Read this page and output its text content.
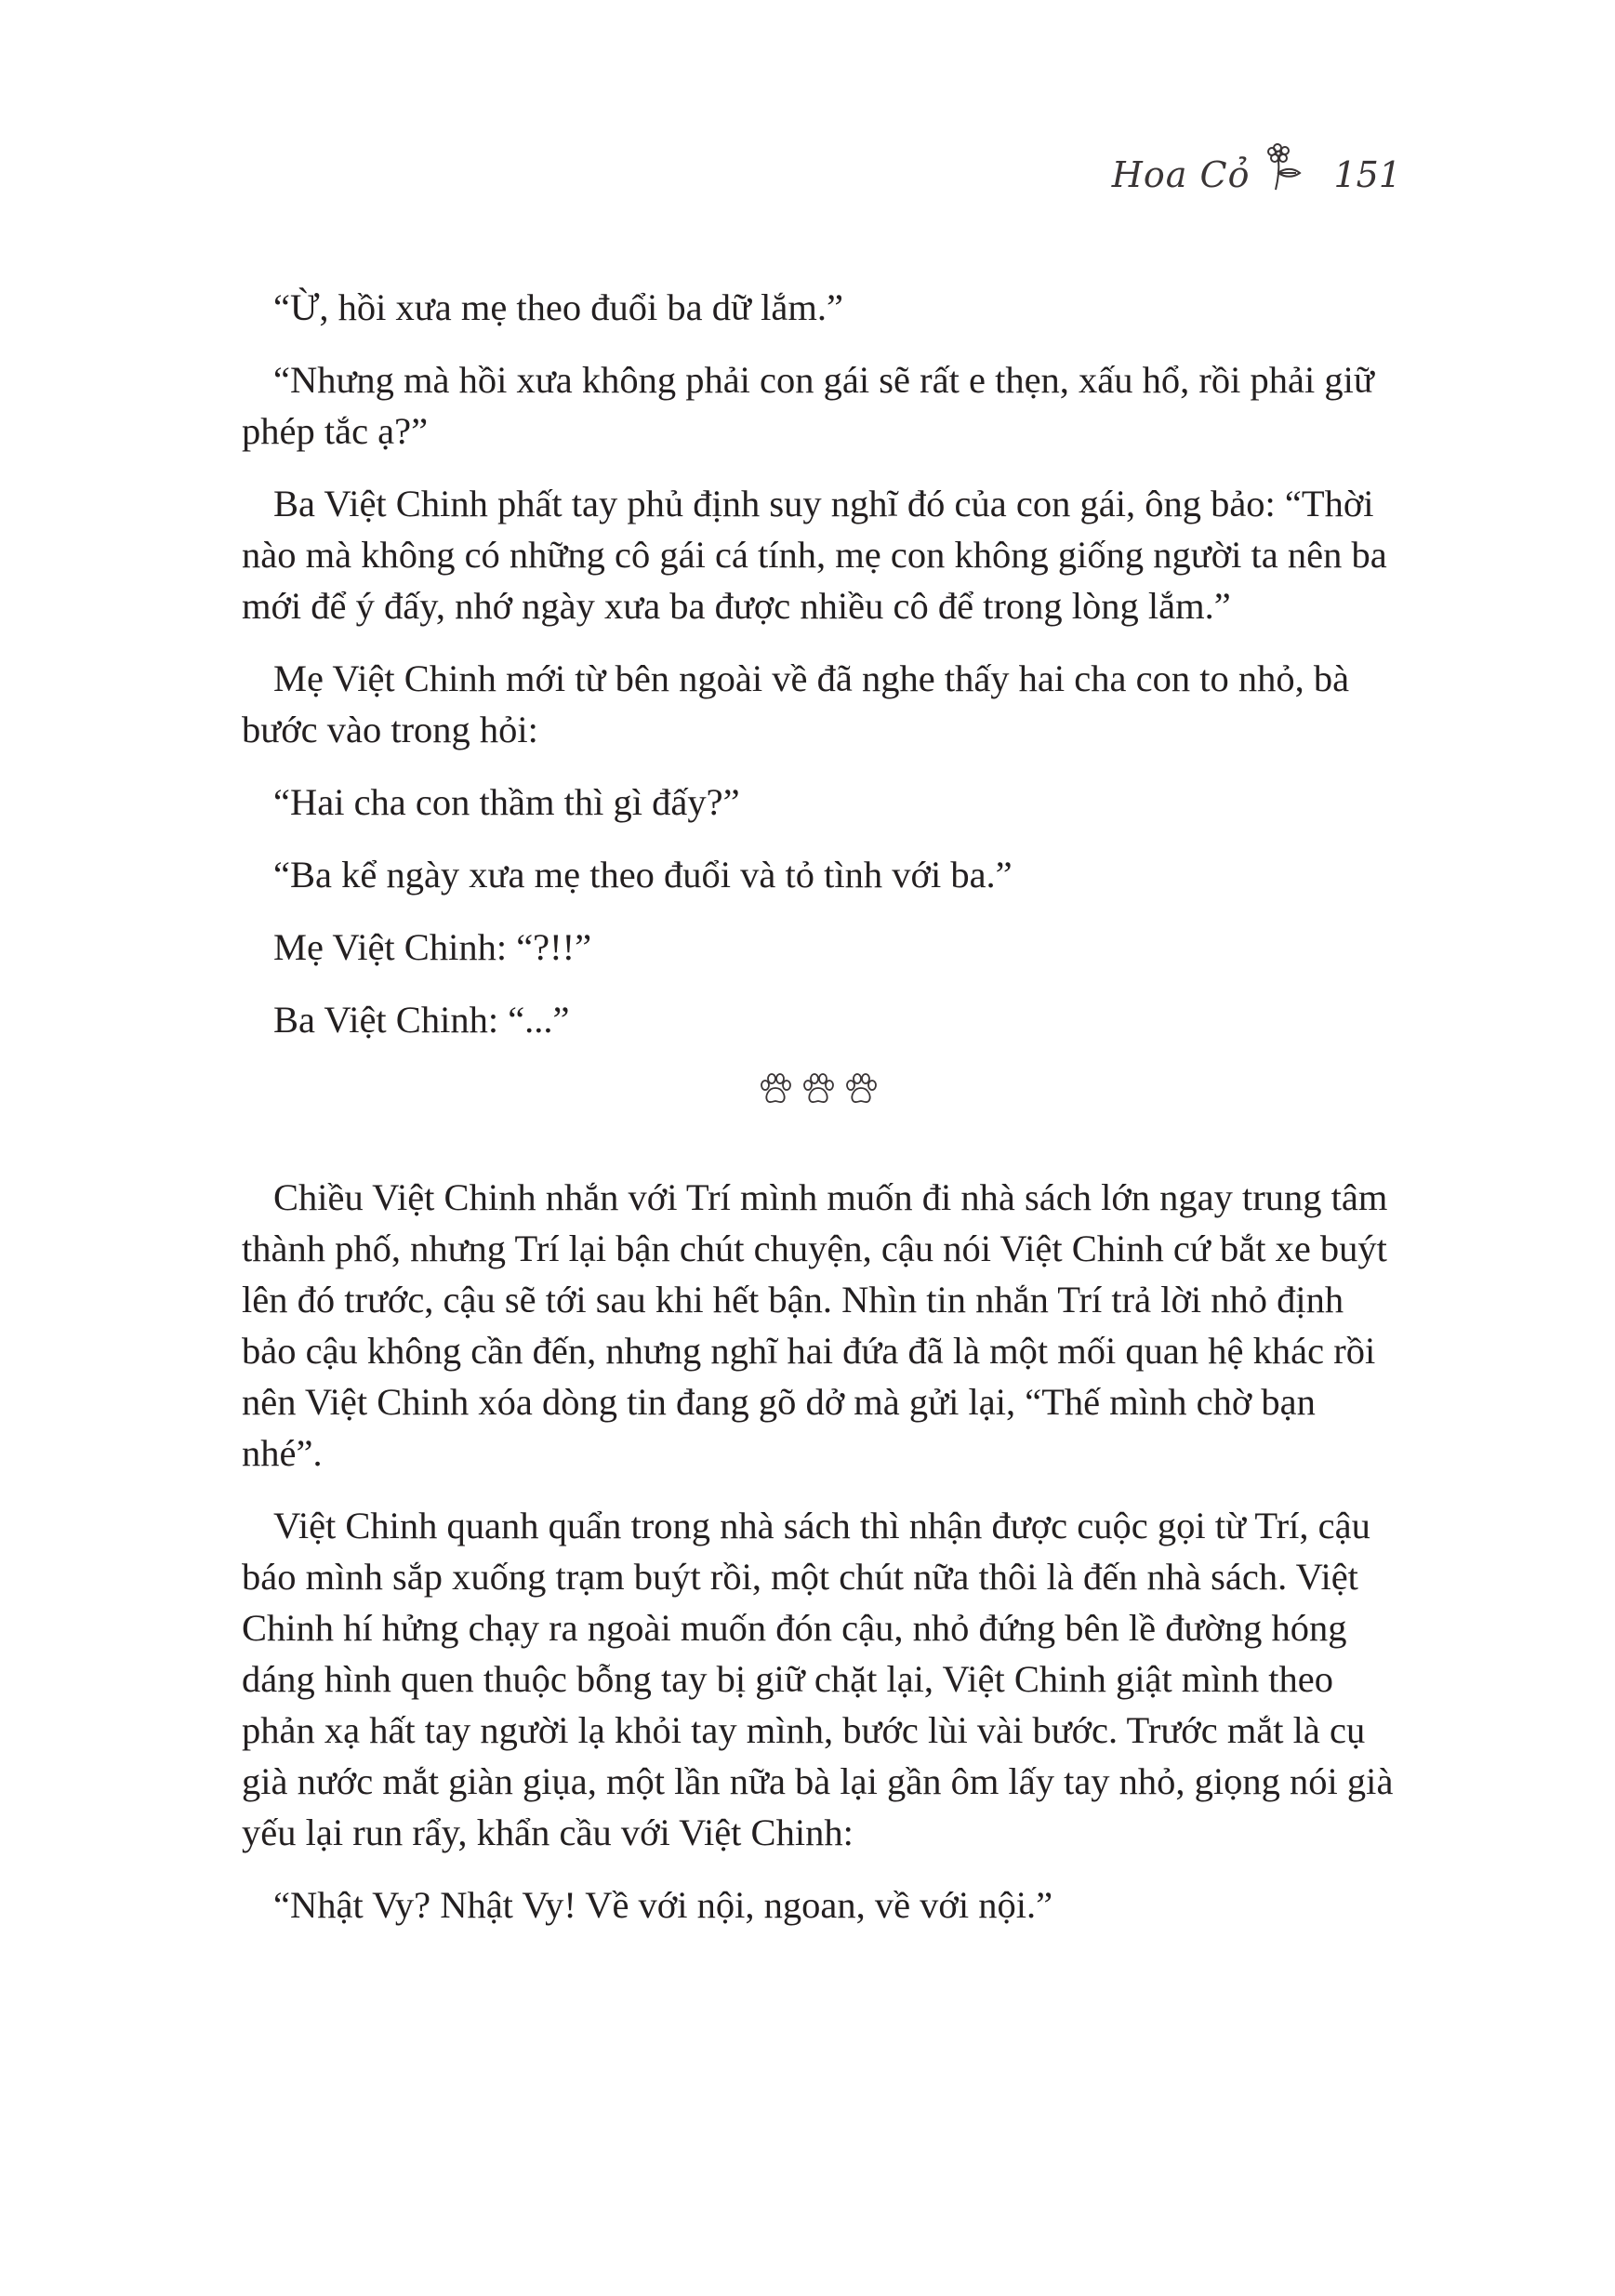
Hoa Cỏ 151

“Ừ, hồi xưa mẹ theo đuổi ba dữ lắm.”

“Nhưng mà hồi xưa không phải con gái sẽ rất e thẹn, xấu hổ, rồi phải giữ phép tắc ạ?”

Ba Việt Chinh phất tay phủ định suy nghĩ đó của con gái, ông bảo: “Thời nào mà không có những cô gái cá tính, mẹ con không giống người ta nên ba mới để ý đấy, nhớ ngày xưa ba được nhiều cô để trong lòng lắm.”

Mẹ Việt Chinh mới từ bên ngoài về đã nghe thấy hai cha con to nhỏ, bà bước vào trong hỏi:

“Hai cha con thầm thì gì đấy?”

“Ba kể ngày xưa mẹ theo đuổi và tỏ tình với ba.”

Mẹ Việt Chinh: “?!!”

Ba Việt Chinh: “...”

Chiều Việt Chinh nhắn với Trí mình muốn đi nhà sách lớn ngay trung tâm thành phố, nhưng Trí lại bận chút chuyện, cậu nói Việt Chinh cứ bắt xe buýt lên đó trước, cậu sẽ tới sau khi hết bận. Nhìn tin nhắn Trí trả lời nhỏ định bảo cậu không cần đến, nhưng nghĩ hai đứa đã là một mối quan hệ khác rồi nên Việt Chinh xóa dòng tin đang gõ dở mà gửi lại, “Thế mình chờ bạn nhé”.

Việt Chinh quanh quẩn trong nhà sách thì nhận được cuộc gọi từ Trí, cậu báo mình sắp xuống trạm buýt rồi, một chút nữa thôi là đến nhà sách. Việt Chinh hí hửng chạy ra ngoài muốn đón cậu, nhỏ đứng bên lề đường hóng dáng hình quen thuộc bỗng tay bị giữ chặt lại, Việt Chinh giật mình theo phản xạ hất tay người lạ khỏi tay mình, bước lùi vài bước. Trước mắt là cụ già nước mắt giàn giụa, một lần nữa bà lại gần ôm lấy tay nhỏ, giọng nói già yếu lại run rẩy, khẩn cầu với Việt Chinh:

“Nhật Vy? Nhật Vy! Về với nội, ngoan, về với nội.”
